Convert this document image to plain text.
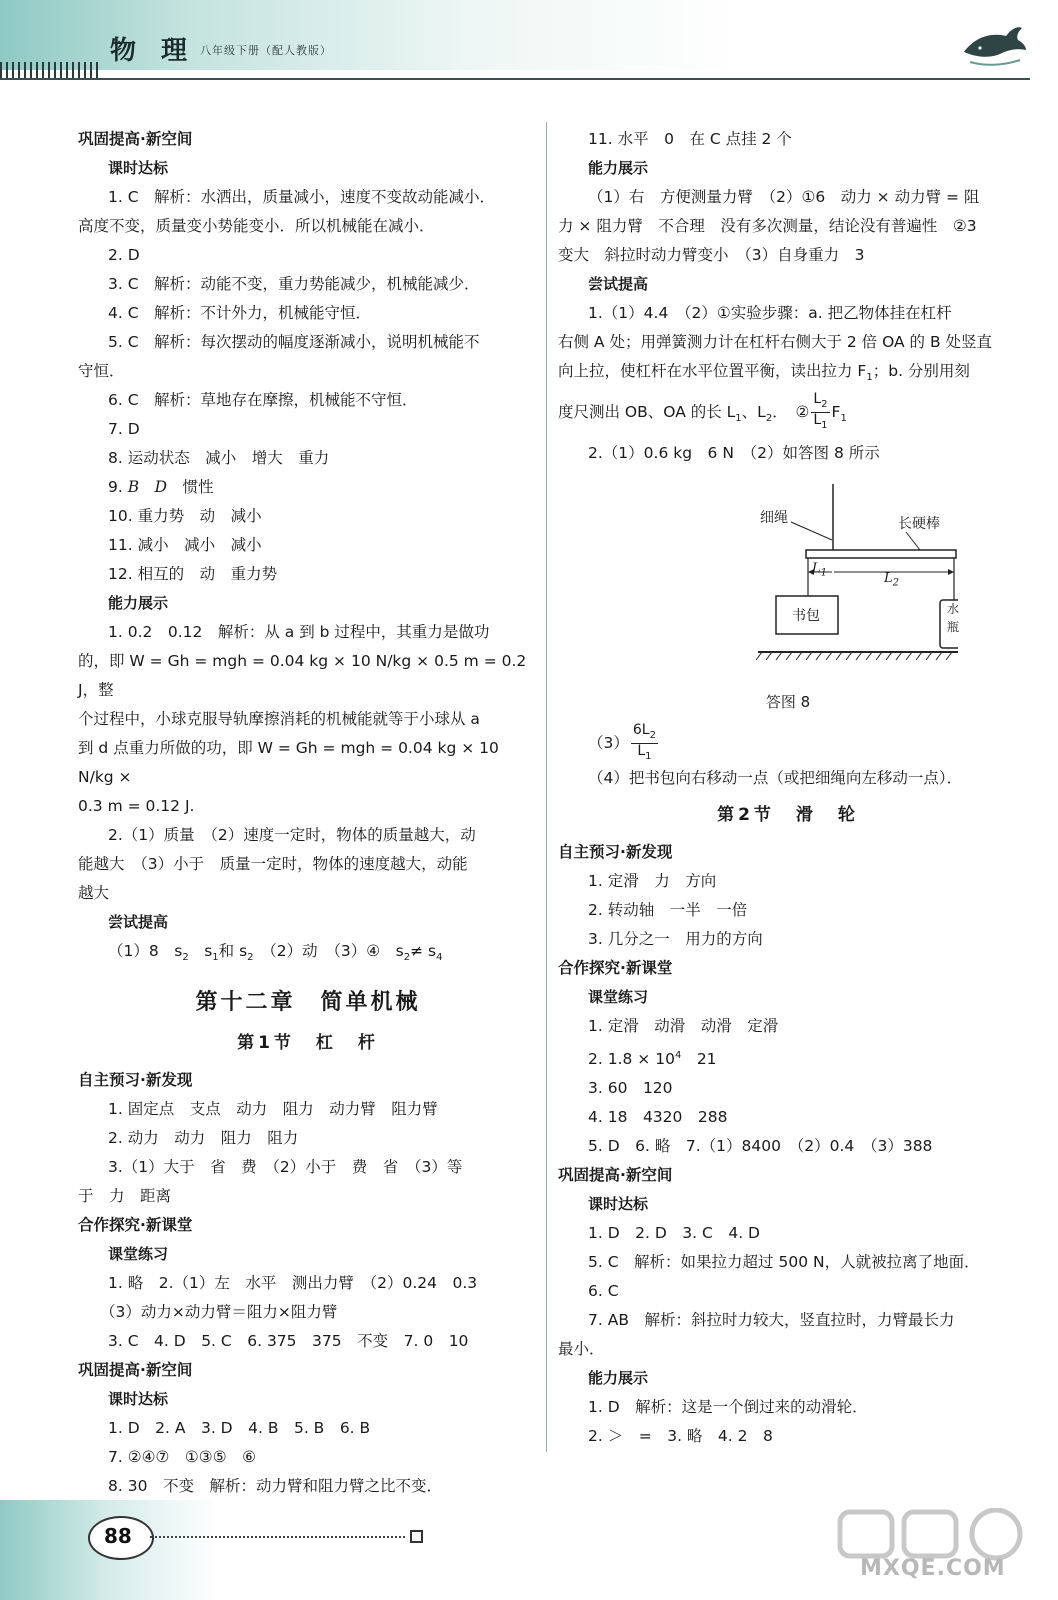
物 理 八年级下册（配人教版）
巩固提高·新空间
课时达标
1. C　解析：水洒出，质量减小，速度不变故动能减小．
高度不变，质量变小势能变小．所以机械能在减小．
2. D
3. C　解析：动能不变，重力势能减少，机械能减少．
4. C　解析：不计外力，机械能守恒．
5. C　解析：每次摆动的幅度逐渐减小，说明机械能不
守恒．
6. C　解析：草地存在摩擦，机械能不守恒．
7. D
8. 运动状态　减小　增大　重力
9. B　 D　 惯性
10. 重力势　动　减小
11. 减小　减小　减小
12. 相互的　动　重力势
能力展示
1. 0.2　0.12　解析：从 a 到 b 过程中，其重力是做功
的，即 W = Gh = mgh = 0.04 kg × 10 N/kg × 0.5 m = 0.2 J，整
个过程中，小球克服导轨摩擦消耗的机械能就等于小球从 a
到 d 点重力所做的功，即 W = Gh = mgh = 0.04 kg × 10 N/kg ×
0.3 m = 0.12 J.
2.（1）质量　（2）速度一定时，物体的质量越大，动
能越大　（3）小于　质量一定时，物体的速度越大，动能
越大
尝试提高
（1）8　$s_2$　$s_1$和 $s_2$　 （2）动　（3）④　$s_2\ne s_4$
第十二章　简单机械
第1节　杠　杆
自主预习·新发现
1. 固定点　支点　动力　阻力　动力臂　阻力臂
2. 动力　动力　阻力　阻力
3.（1）大于　省　费　（2）小于　费　省　（3）等
于　力　距离
合作探究·新课堂
课堂练习
1. 略　2.（1）左　水平　测出力臂　（2）0.24　0.3
（3）动力×动力臂＝阻力×阻力臂
3. C　4. D　5. C　6. 375　375　不变　7. 0　10
巩固提高·新空间
课时达标
1. D　2. A　3. D　4. B　5. B　6. B
7. ②④⑦　①③⑤　⑥
8. 30　不变　解析：动力臂和阻力臂之比不变．
11. 水平　0　在 C 点挂 2 个
能力展示
（1）右　方便测量力臂　（2）①6　动力 × 动力臂 = 阻
力 × 阻力臂　不合理　没有多次测量，结论没有普遍性　②3
变大　斜拉时动力臂变小　（3）自身重力　3
尝试提高
1.（1）4.4　（2）①实验步骤：a. 把乙物体挂在杠杆
右侧 A 处；用弹簧测力计在杠杆右侧大于 2 倍 OA 的 B 处竖直
向上拉，使杠杆在水平位置平衡，读出拉力 $F_1$；b. 分别用刻
度尺测出 OB、OA 的长 $L_1$、$L_2$．　② $\frac{L_2}{L_1} F_1$
2.（1）0.6 kg　6 N　（2）如答图 8 所示
细绳	长硬棒
$L_1$	$L_2$
书包	水
瓶
答图 8
$(3) \frac{6L_2}{L_1}$
（4）把书包向右移动一点（或把细绳向左移动一点）．
第2节　滑　轮
自主预习·新发现
1. 定滑　力　方向
2. 转动轴　一半　一倍
3. 几分之一　用力的方向
合作探究·新课堂
课堂练习
1. 定滑　动滑　动滑　定滑
2. $1.8 \times 10^4$　21
3. 60　120
4. 18　4320　288
5. D　6. 略　7.（1）8400　（2）0.4　（3）388
巩固提高·新空间
课时达标
1. D　2. D　3. C　4. D
5. C　解析：如果拉力超过 500 N，人就被拉离了地面．
6. C
7. AB　解析：斜拉时力较大，竖直拉时，力臂最长力
最小．
能力展示
1. D　解析：这是一个倒过来的动滑轮．
2. ＞　=　3. 略　4. 2　8
88
MXQE.COM
